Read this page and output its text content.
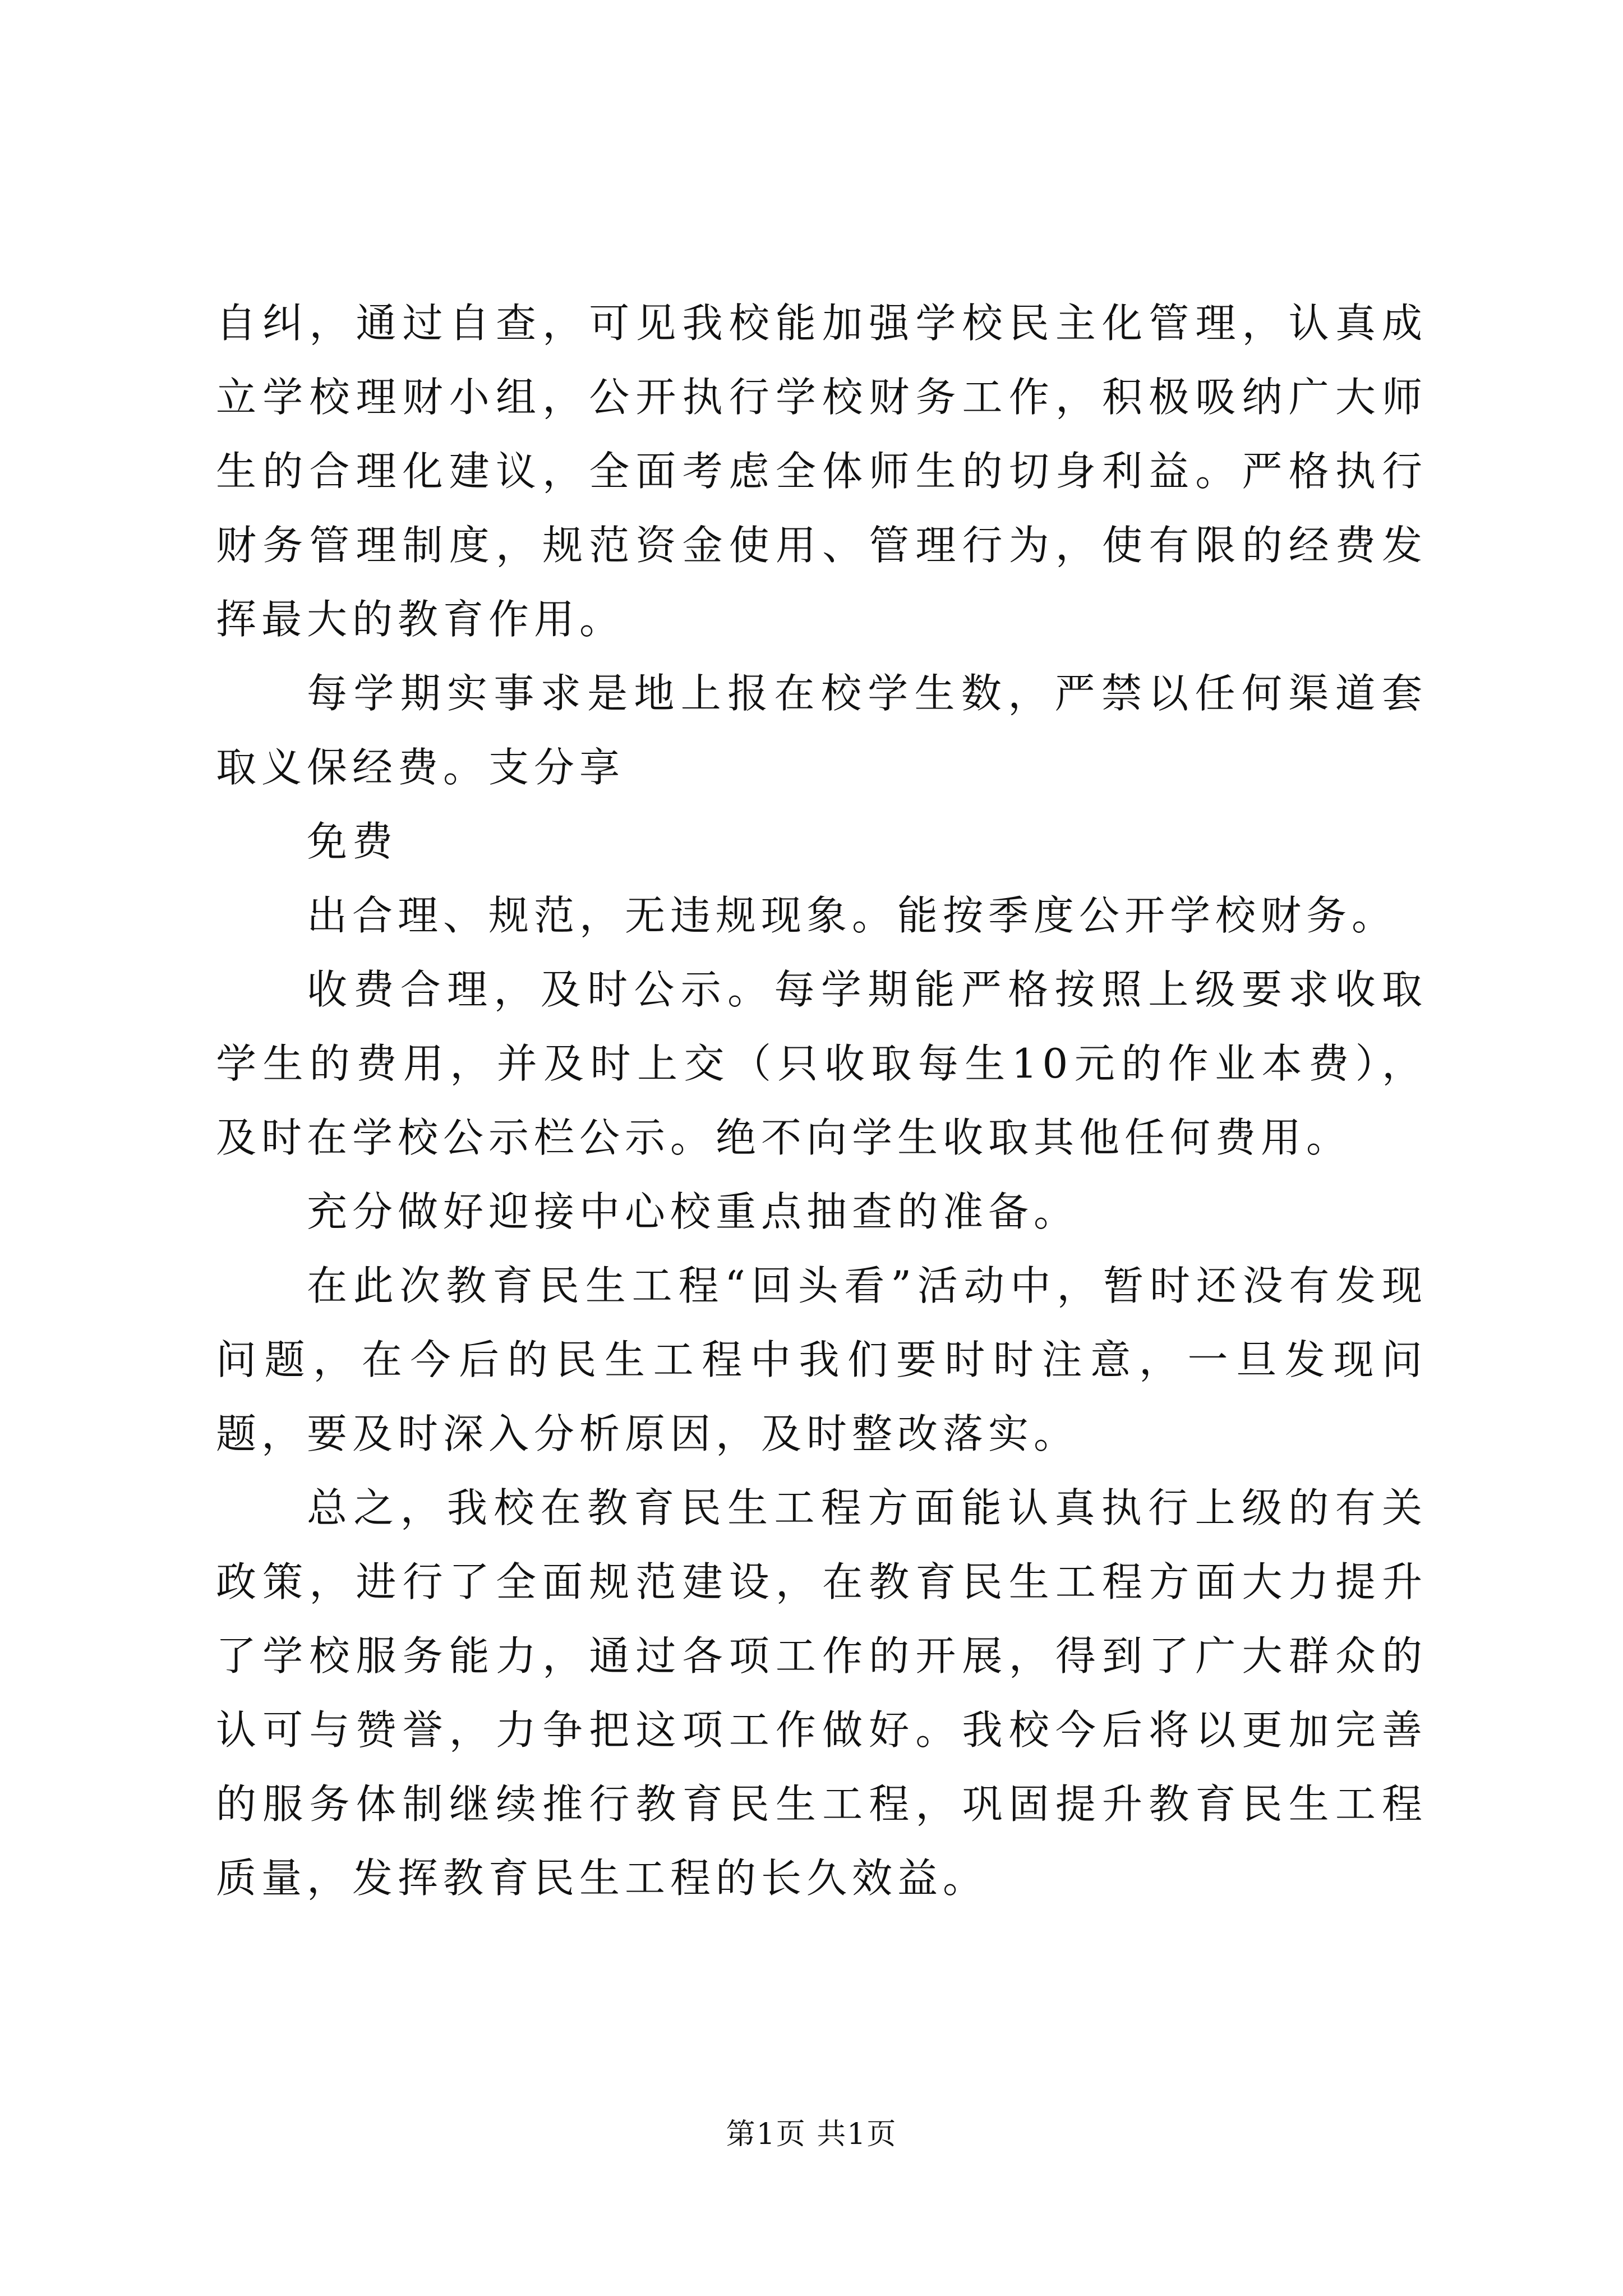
自纠，通过自查，可见我校能加强学校民主化管理，认真成立学校理财小组，公开执行学校财务工作，积极吸纳广大师生的合理化建议，全面考虑全体师生的切身利益。严格执行财务管理制度，规范资金使用、管理行为，使有限的经费发挥最大的教育作用。

每学期实事求是地上报在校学生数，严禁以任何渠道套取义保经费。支分享

免费

出合理、规范，无违规现象。能按季度公开学校财务。

收费合理，及时公示。每学期能严格按照上级要求收取学生的费用，并及时上交（只收取每生10元的作业本费），及时在学校公示栏公示。绝不向学生收取其他任何费用。

充分做好迎接中心校重点抽查的准备。

在此次教育民生工程“回头看”活动中，暂时还没有发现问题，在今后的民生工程中我们要时时注意，一旦发现问题，要及时深入分析原因，及时整改落实。

总之，我校在教育民生工程方面能认真执行上级的有关政策，进行了全面规范建设，在教育民生工程方面大力提升了学校服务能力，通过各项工作的开展，得到了广大群众的认可与赞誉，力争把这项工作做好。我校今后将以更加完善的服务体制继续推行教育民生工程，巩固提升教育民生工程质量，发挥教育民生工程的长久效益。

第1页 共1页
